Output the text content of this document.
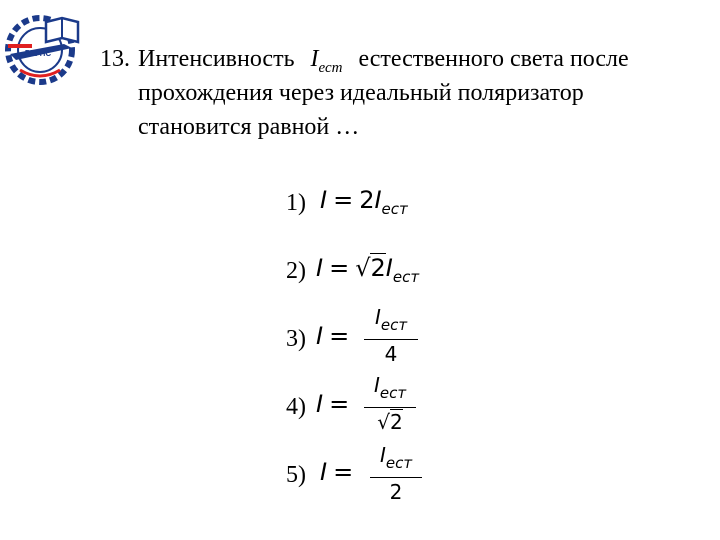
РГУПС 13. Интенсивность $I_{ест}$ естественного света после
прохождения через идеальный поляризатор
становится равной …
1) $I = 2I_{ест}$
2) $I = √2I_{ест}$
3) I =
$I_{ест}$
4
4) I =
$I_{ест}$
√2
5) I =
$I_{ест}$
2
